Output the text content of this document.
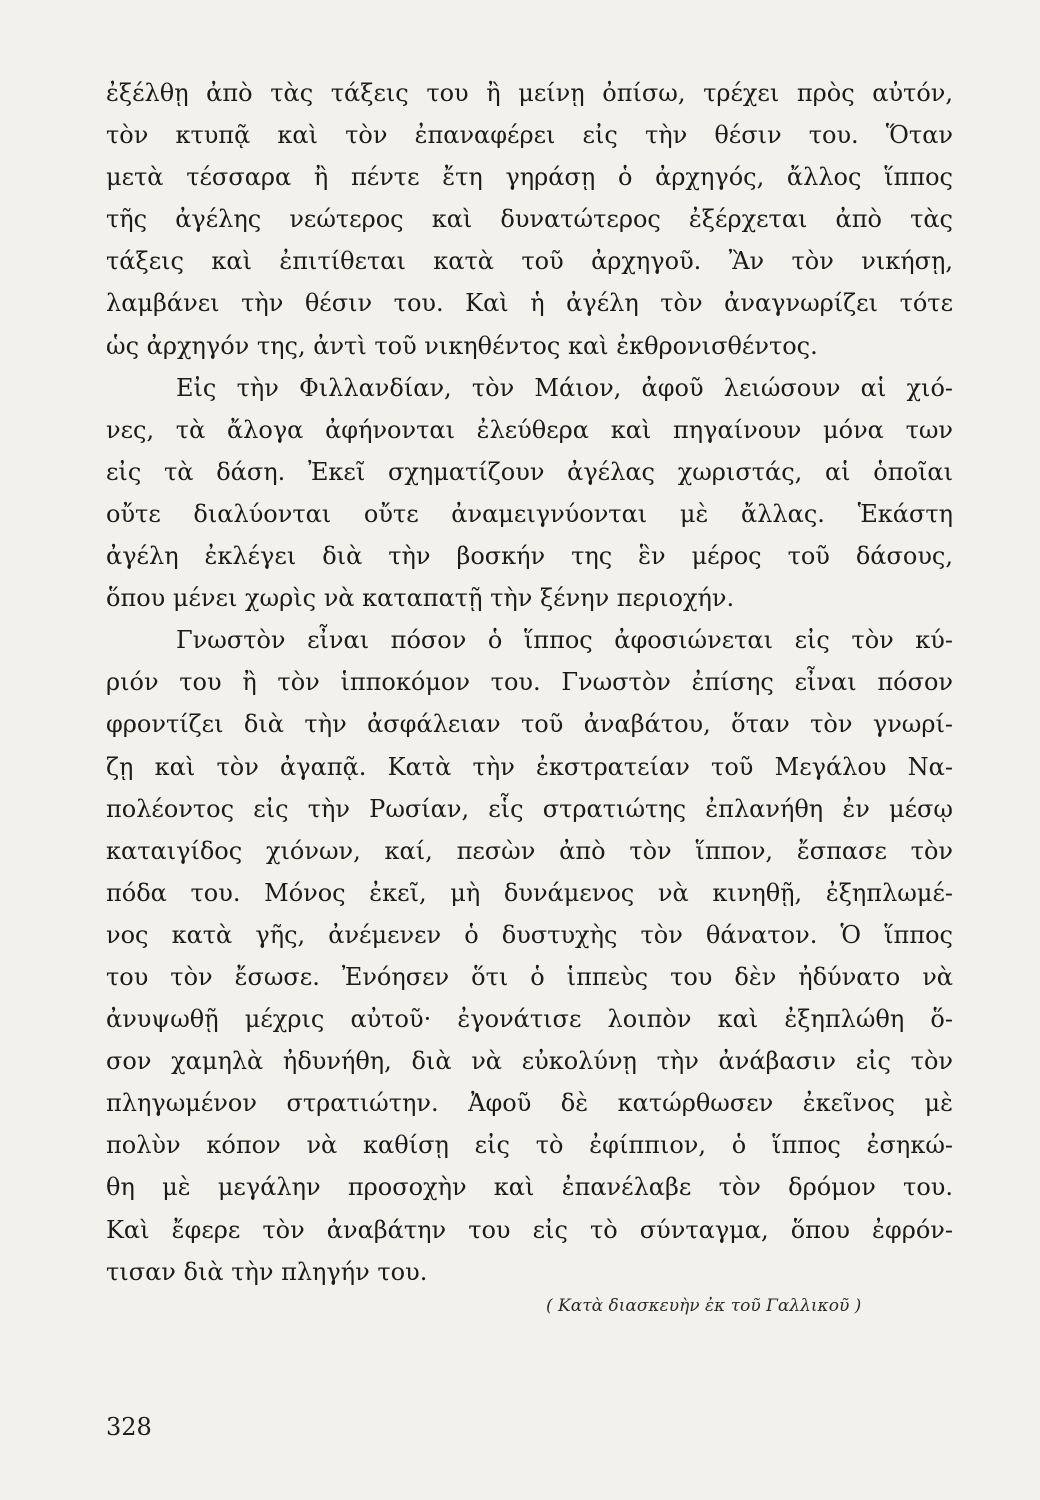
ἐξέλθῃ ἀπὸ τὰς τάξεις του ἢ μείνῃ ὀπίσω, τρέχει πρὸς αὐτόν,
τὸν κτυπᾷ καὶ τὸν ἐπαναφέρει εἰς τὴν θέσιν του. Ὅταν
μετὰ τέσσαρα ἢ πέντε ἔτη γηράσῃ ὁ ἀρχηγός, ἄλλος ἵππος
τῆς ἀγέλης νεώτερος καὶ δυνατώτερος ἐξέρχεται ἀπὸ τὰς
τάξεις καὶ ἐπιτίθεται κατὰ τοῦ ἀρχηγοῦ. Ἂν τὸν νικήσῃ,
λαμβάνει τὴν θέσιν του. Καὶ ἡ ἀγέλη τὸν ἀναγνωρίζει τότε
ὡς ἀρχηγόν της, ἀντὶ τοῦ νικηθέντος καὶ ἐκθρονισθέντος.
Εἰς τὴν Φιλλανδίαν, τὸν Μάιον, ἀφοῦ λειώσουν αἱ χιό-
νες, τὰ ἄλογα ἀφήνονται ἐλεύθερα καὶ πηγαίνουν μόνα των
εἰς τὰ δάση. Ἐκεῖ σχηματίζουν ἀγέλας χωριστάς, αἱ ὁποῖαι
οὔτε διαλύονται οὔτε ἀναμειγνύονται μὲ ἄλλας. Ἑκάστη
ἀγέλη ἐκλέγει διὰ τὴν βοσκήν της ἓν μέρος τοῦ δάσους,
ὅπου μένει χωρὶς νὰ καταπατῇ τὴν ξένην περιοχήν.
Γνωστὸν εἶναι πόσον ὁ ἵππος ἀφοσιώνεται εἰς τὸν κύ-
ριόν του ἢ τὸν ἱπποκόμον του. Γνωστὸν ἐπίσης εἶναι πόσον
φροντίζει διὰ τὴν ἀσφάλειαν τοῦ ἀναβάτου, ὅταν τὸν γνωρί-
ζῃ καὶ τὸν ἀγαπᾷ. Κατὰ τὴν ἐκστρατείαν τοῦ Μεγάλου Να-
πολέοντος εἰς τὴν Ρωσίαν, εἷς στρατιώτης ἐπλανήθη ἐν μέσῳ
καταιγίδος χιόνων, καί, πεσὼν ἀπὸ τὸν ἵππον, ἔσπασε τὸν
πόδα του. Μόνος ἐκεῖ, μὴ δυνάμενος νὰ κινηθῇ, ἐξηπλωμέ-
νος κατὰ γῆς, ἀνέμενεν ὁ δυστυχὴς τὸν θάνατον. Ὁ ἵππος
του τὸν ἔσωσε. Ἐνόησεν ὅτι ὁ ἱππεὺς του δὲν ἠδύνατο νὰ
ἀνυψωθῇ μέχρις αὐτοῦ· ἐγονάτισε λοιπὸν καὶ ἐξηπλώθη ὅ-
σον χαμηλὰ ἠδυνήθη, διὰ νὰ εὐκολύνῃ τὴν ἀνάβασιν εἰς τὸν
πληγωμένον στρατιώτην. Ἀφοῦ δὲ κατώρθωσεν ἐκεῖνος μὲ
πολὺν κόπον νὰ καθίσῃ εἰς τὸ ἐφίππιον, ὁ ἵππος ἐσηκώ-
θη μὲ μεγάλην προσοχὴν καὶ ἐπανέλαβε τὸν δρόμον του.
Καὶ ἔφερε τὸν ἀναβάτην του εἰς τὸ σύνταγμα, ὅπου ἐφρόν-
τισαν διὰ τὴν πληγήν του.
( Κατὰ διασκευὴν ἐκ τοῦ Γαλλικοῦ )
328
